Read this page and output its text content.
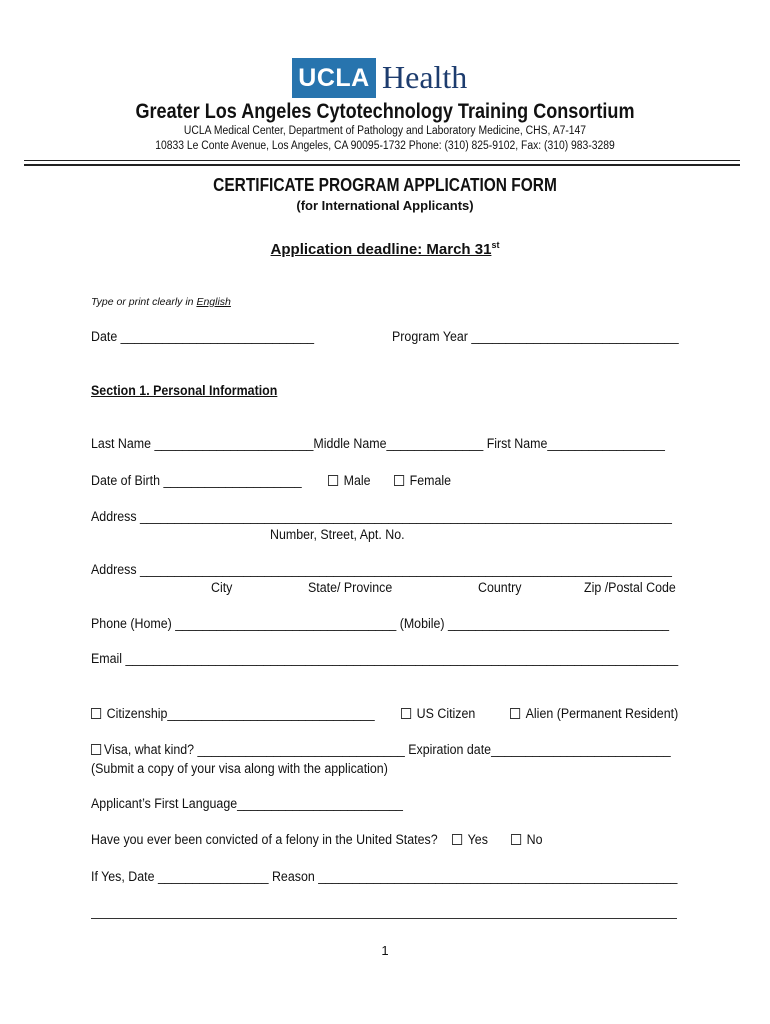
UCLA Health
Greater Los Angeles Cytotechnology Training Consortium
UCLA Medical Center, Department of Pathology and Laboratory Medicine, CHS, A7-147
10833 Le Conte Avenue, Los Angeles, CA 90095-1732 Phone: (310) 825-9102, Fax: (310) 983-3289
CERTIFICATE PROGRAM APPLICATION FORM
(for International Applicants)
Application deadline: March 31st
Type or print clearly in English
Date ____________________________	Program Year ______________________________
Section 1. Personal Information
Last Name _______________________Middle Name______________ First Name_________________
Date of Birth ____________________	Male	Female
Address _____________________________________________________________________________
Number, Street, Apt. No.
Address _____________________________________________________________________________
City	State/ Province	Country	Zip /Postal Code
Phone (Home) ________________________________ (Mobile) ________________________________
Email ________________________________________________________________________________
Citizenship______________________________	US Citizen	Alien (Permanent Resident)
Visa, what kind? ______________________________ Expiration date__________________________
(Submit a copy of your visa along with the application)
Applicant’s First Language________________________
Have you ever been convicted of a felony in the United States?	Yes	No
If Yes, Date ________________ Reason ____________________________________________________
1
